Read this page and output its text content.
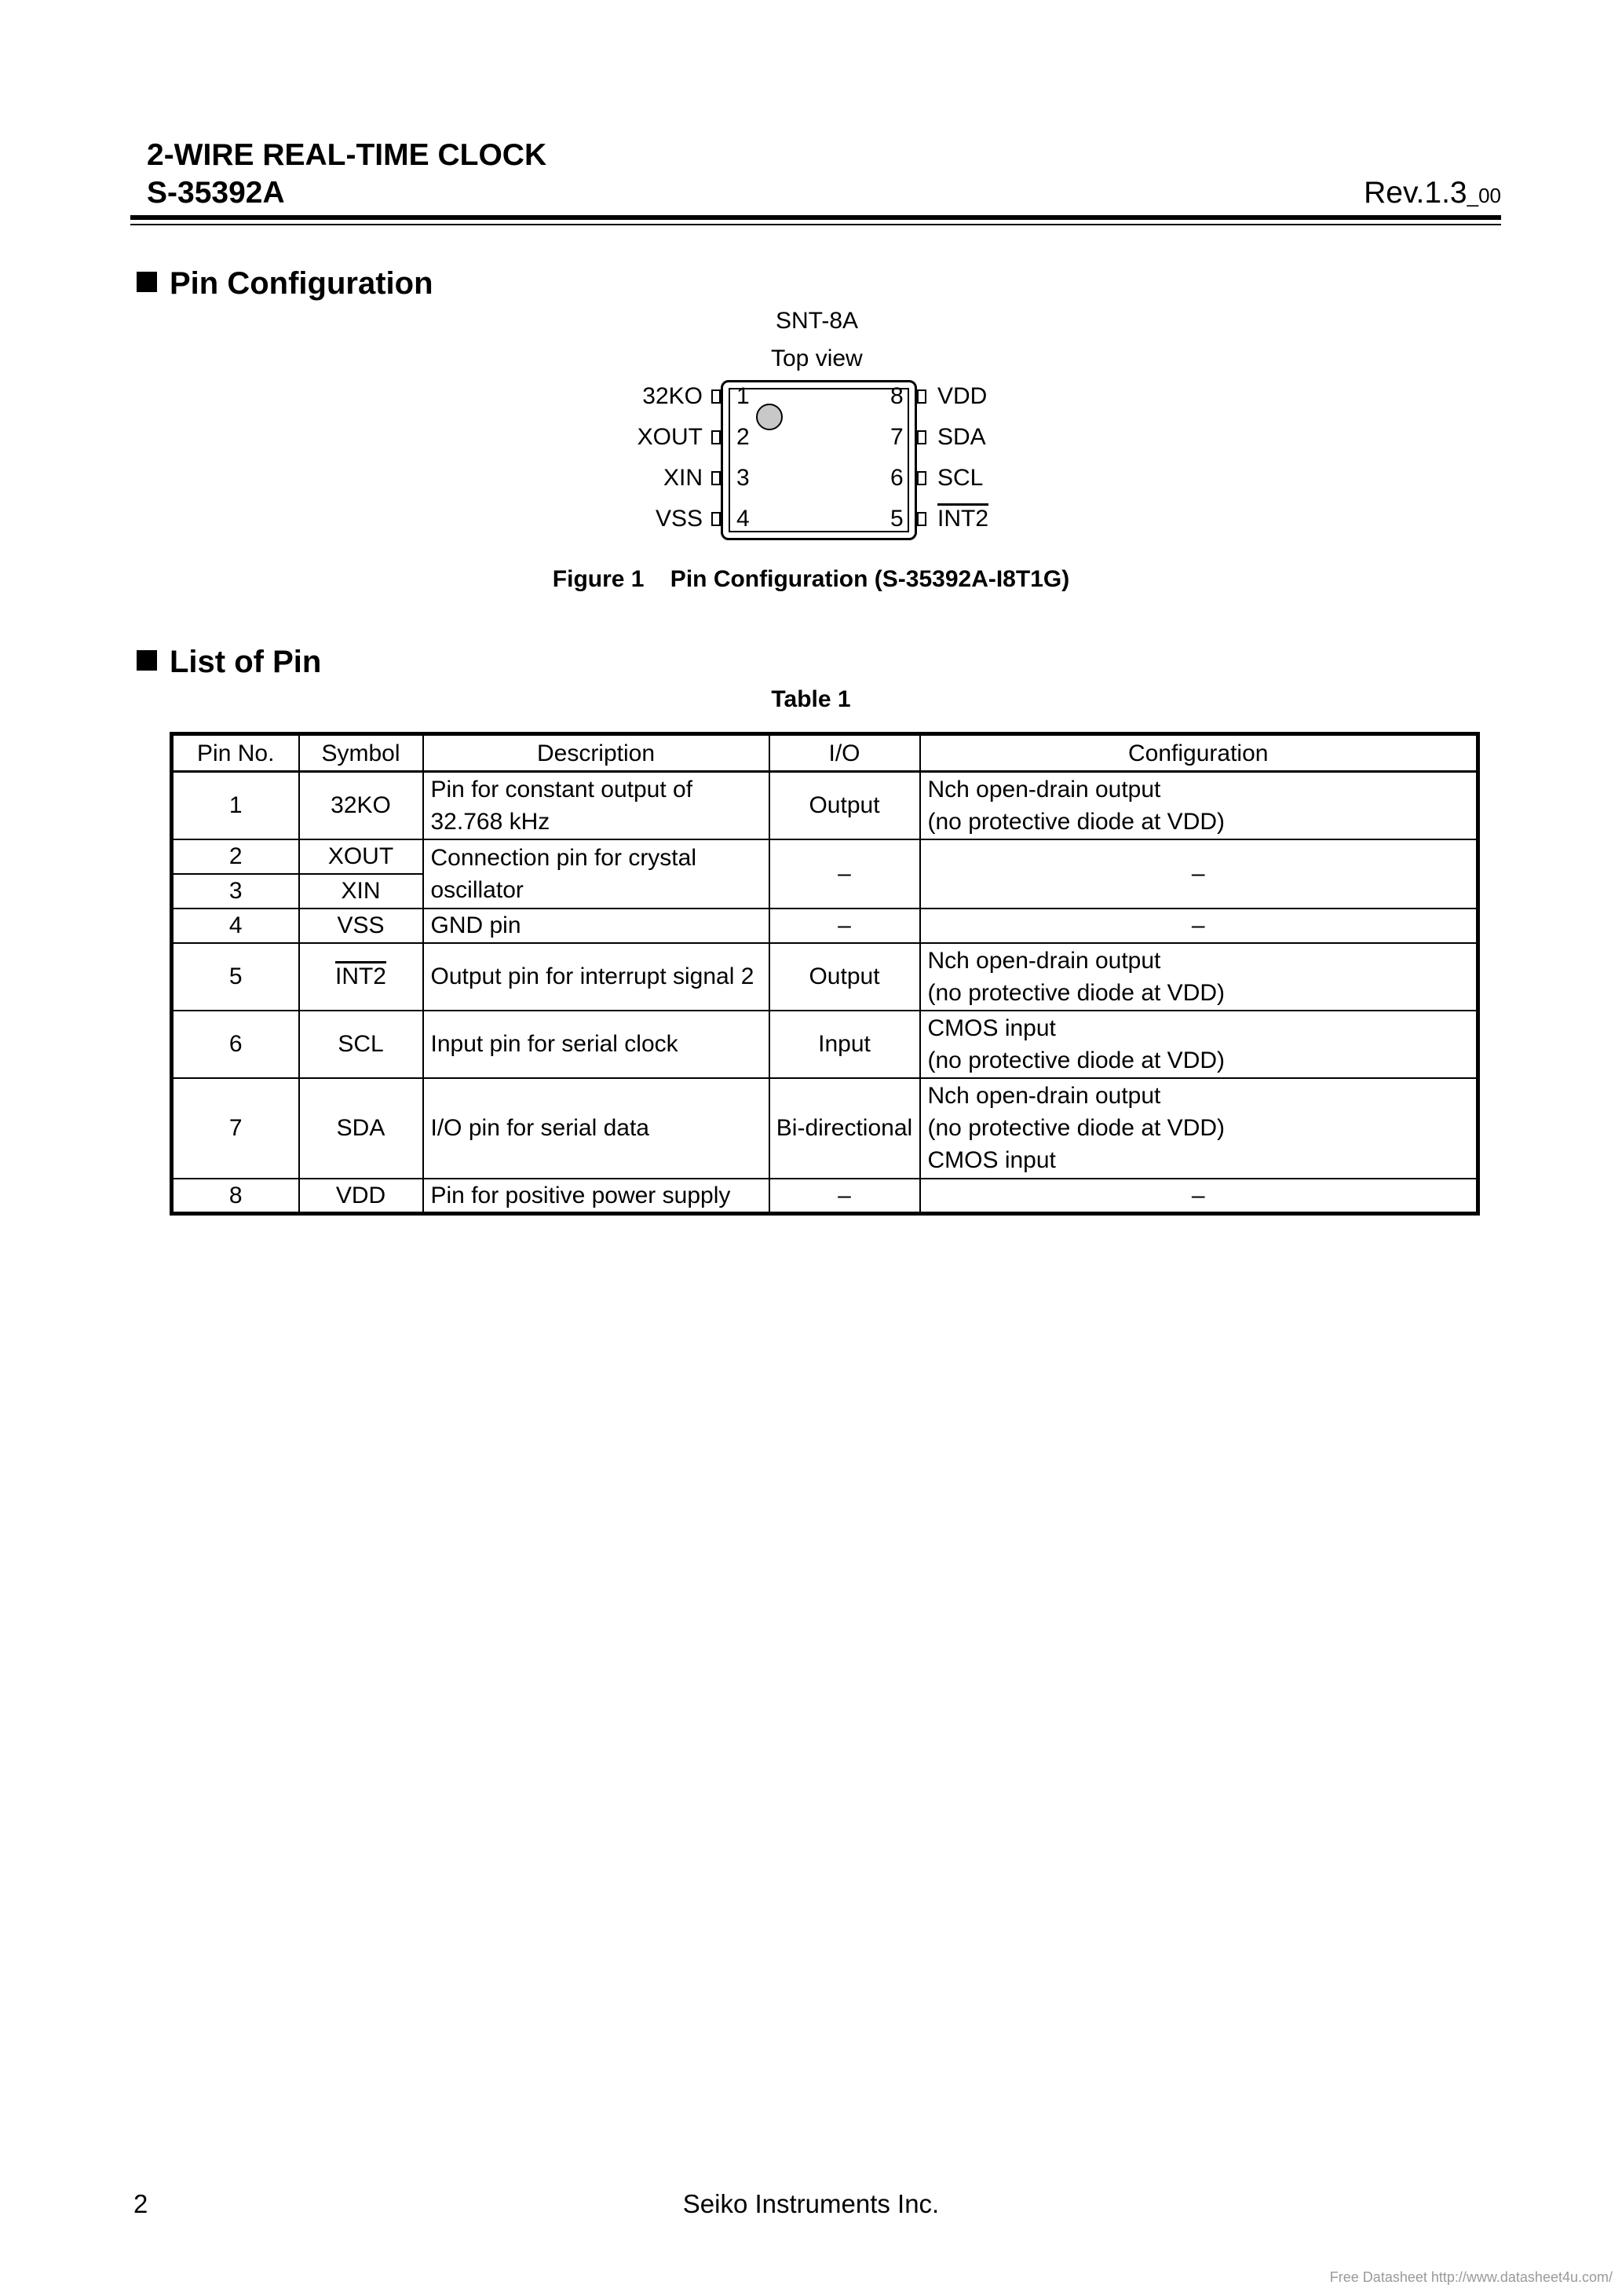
2-WIRE REAL-TIME CLOCK
S-35392A	Rev.1.3_00
Pin Configuration
SNT-8A
Top view
32KO
XOUT
XIN
VSS
1
2
3
4
8
7
6
5
VDD
SDA
SCL
INT2
Figure 1    Pin Configuration (S-35392A-I8T1G)
List of Pin
Table 1
Pin No.	Symbol	Description	I/O	Configuration
1	32KO	Pin for constant output of 32.768 kHz	Output	Nch open-drain output
(no protective diode at VDD)
2	XOUT	Connection pin for crystal oscillator	–	–
3	XIN			
4	VSS	GND pin	–	–
5	INT2	Output pin for interrupt signal 2	Output	Nch open-drain output
(no protective diode at VDD)
6	SCL	Input pin for serial clock	Input	CMOS input
(no protective diode at VDD)
7	SDA	I/O pin for serial data	Bi-directional	Nch open-drain output
(no protective diode at VDD)
CMOS input
8	VDD	Pin for positive power supply	–	–
2	Seiko Instruments Inc.
Free Datasheet http://www.datasheet4u.com/
